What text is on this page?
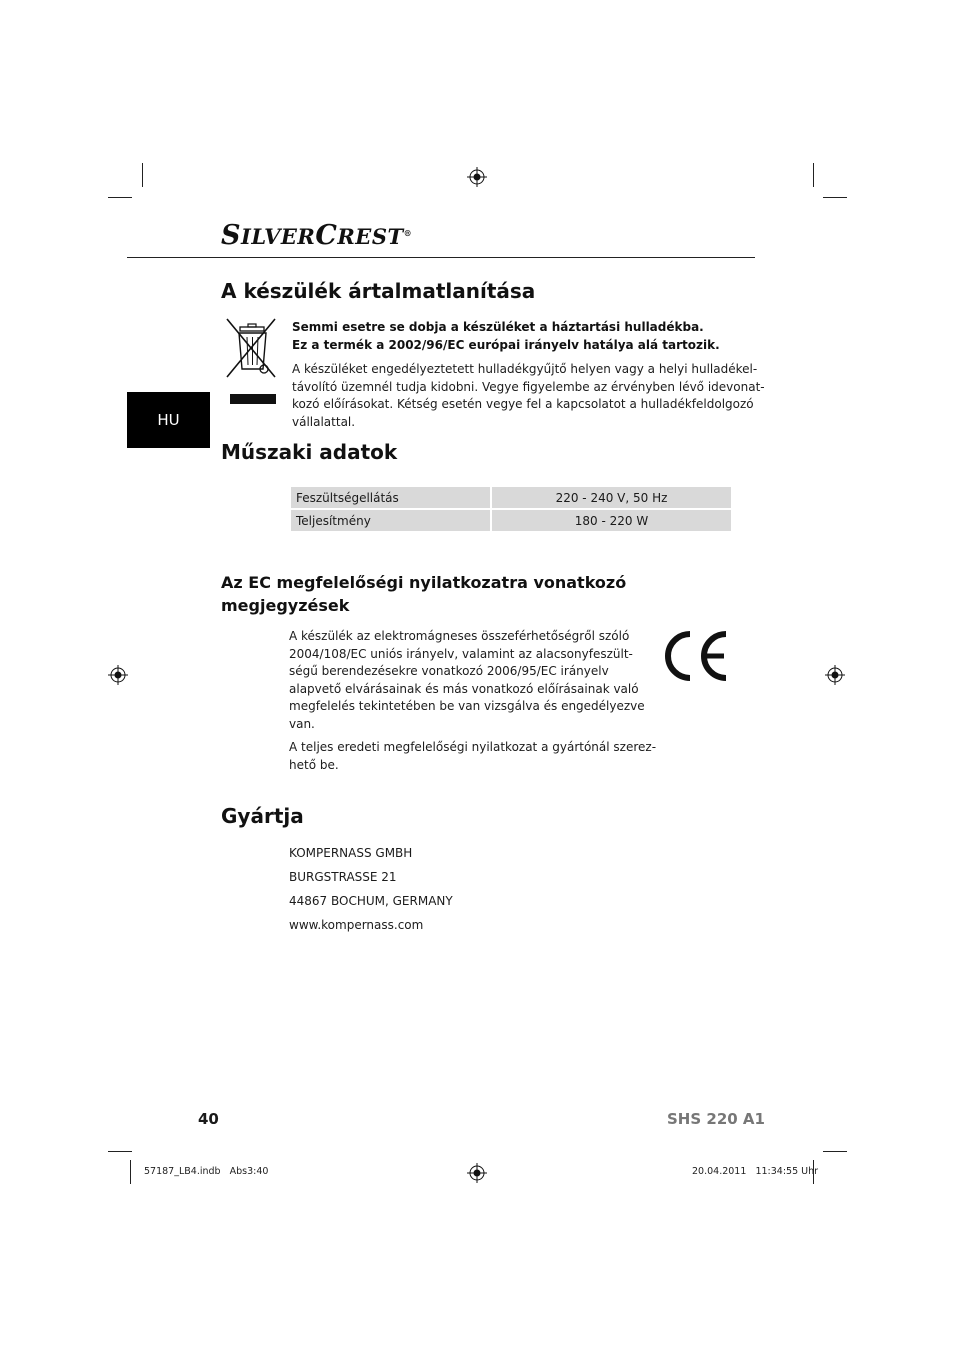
SILVERCREST®
HU
A készülék ártalmatlanítása
Semmi esetre se dobja a készüléket a háztartási hulladékba.
Ez a termék a 2002/96/EC európai irányelv hatálya alá tartozik.
A készüléket engedélyeztetett hulladékgyűjtő helyen vagy a helyi hulladékel-
távolító üzemnél tudja kidobni. Vegye figyelembe az érvényben lévő idevonat-
kozó előírásokat. Kétség esetén vegye fel a kapcsolatot a hulladékfeldolgozó
vállalattal.
Műszaki adatok
Feszültségellátás	220 - 240 V, 50 Hz
Teljesítmény	180 - 220 W
Az EC megfelelőségi nyilatkozatra vonatkozó
megjegyzések
A készülék az elektromágneses összeférhetőségről szóló
2004/108/EC uniós irányelv, valamint az alacsonyfeszült-
ségű berendezésekre vonatkozó 2006/95/EC irányelv
alapvető elvárásainak és más vonatkozó előírásainak való
megfelelés tekintetében be van vizsgálva és engedélyezve
van.
A teljes eredeti megfelelőségi nyilatkozat a gyártónál szerez-
hető be.
Gyártja
KOMPERNASS GMBH
BURGSTRASSE 21
44867 BOCHUM, GERMANY
www.kompernass.com
40	SHS 220 A1
57187_LB4.indb   Abs3:40	20.04.2011   11:34:55 Uhr
